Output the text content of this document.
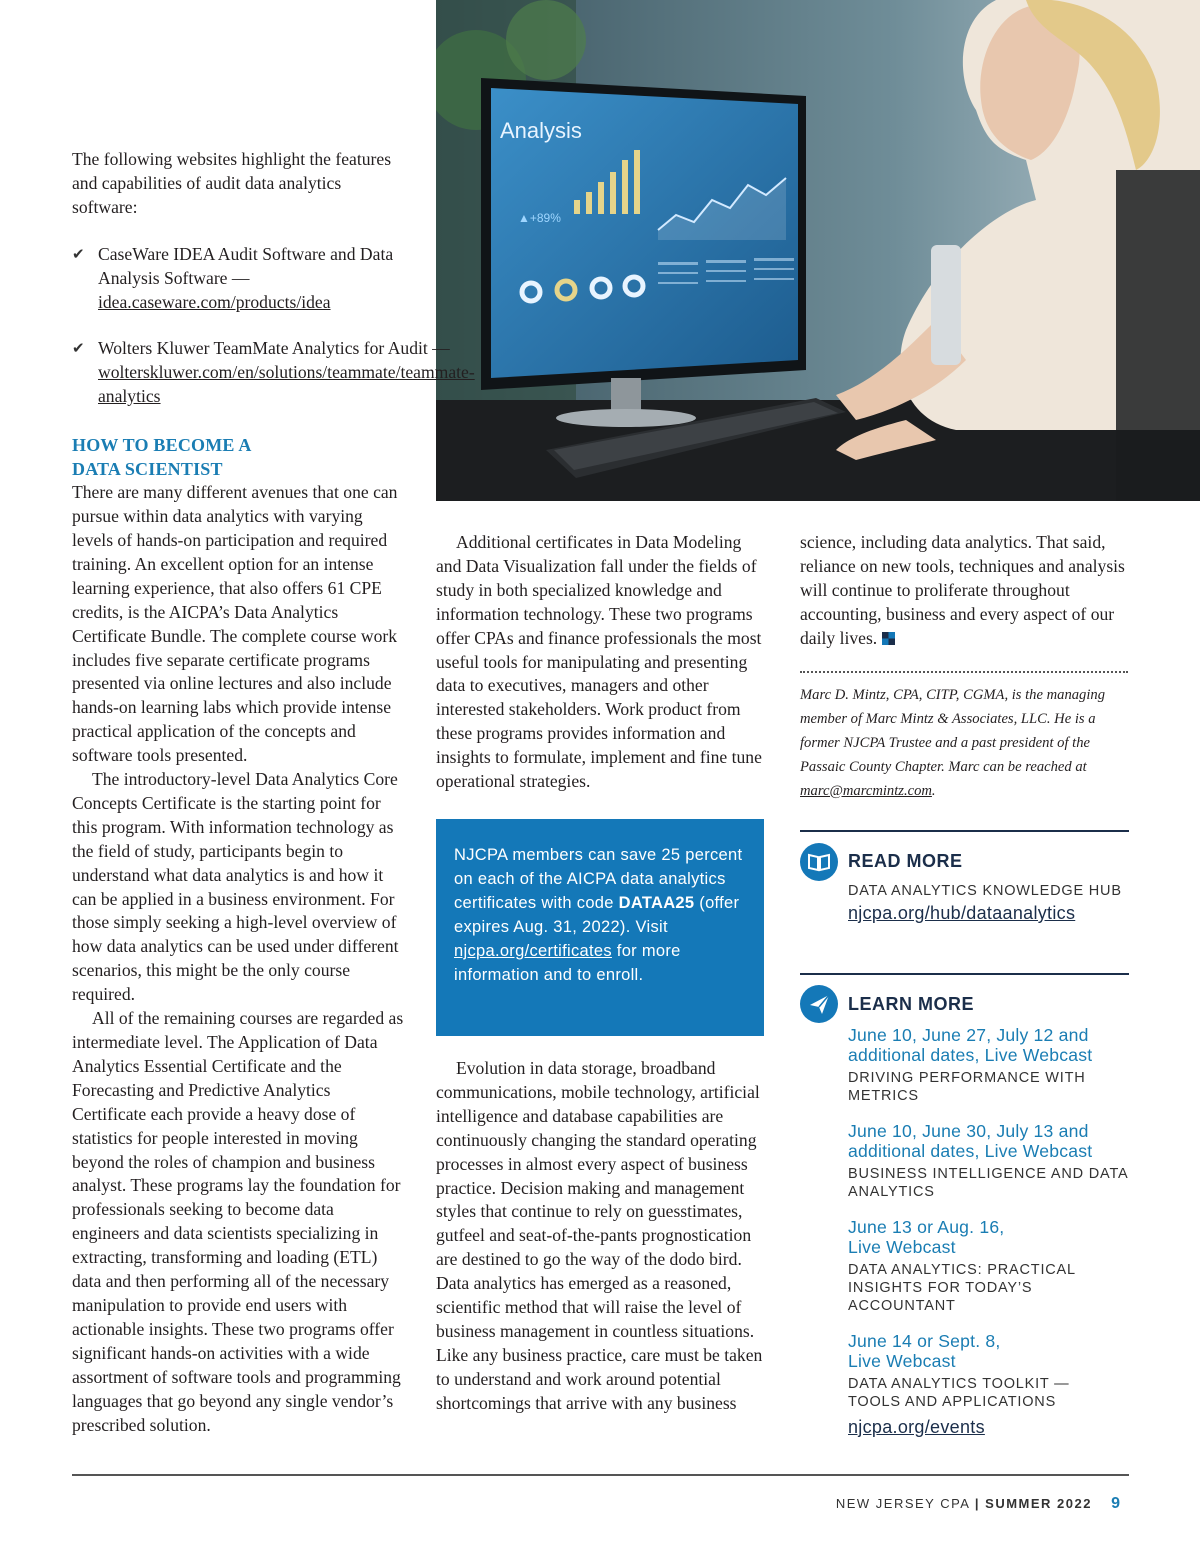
Analysis
▲+89%

The following websites highlight the features and capabilities of audit data analytics software:

✔ CaseWare IDEA Audit Software and Data Analysis Software — idea.caseware.com/products/idea
✔ Wolters Kluwer TeamMate Analytics for Audit — wolterskluwer.com/en/solutions/teammate/teammate-analytics
HOW TO BECOME A DATA SCIENTIST

There are many different avenues that one can pursue within data analytics with varying levels of hands-on participation and required training. An excellent option for an intense learning experience, that also offers 61 CPE credits, is the AICPA’s Data Analytics Certificate Bundle. The complete course work includes five separate certificate programs presented via online lectures and also include hands-on learning labs which provide intense practical application of the concepts and software tools presented.

The introductory-level Data Analytics Core Concepts Certificate is the starting point for this program. With information technology as the field of study, participants begin to understand what data analytics is and how it can be applied in a business environment. For those simply seeking a high-level overview of how data analytics can be used under different scenarios, this might be the only course required.

All of the remaining courses are regarded as intermediate level. The Application of Data Analytics Essential Certificate and the Forecasting and Predictive Analytics Certificate each provide a heavy dose of statistics for people interested in moving beyond the roles of champion and business analyst. These programs lay the foundation for professionals seeking to become data engineers and data scientists specializing in extracting, transforming and loading (ETL) data and then performing all of the necessary manipulation to provide end users with actionable insights. These two programs offer significant hands-on activities with a wide assortment of software tools and programming languages that go beyond any single vendor’s prescribed solution.

Additional certificates in Data Modeling and Data Visualization fall under the fields of study in both specialized knowledge and information technology. These two programs offer CPAs and finance professionals the most useful tools for manipulating and presenting data to executives, managers and other interested stakeholders. Work product from these programs provides information and insights to formulate, implement and fine tune operational strategies.

NJCPA members can save 25 percent on each of the AICPA data analytics certificates with code DATAA25 (offer expires Aug. 31, 2022). Visit njcpa.org/certificates for more information and to enroll.

Evolution in data storage, broadband communications, mobile technology, artificial intelligence and database capabilities are continuously changing the standard operating processes in almost every aspect of business practice. Decision making and management styles that continue to rely on guesstimates, gutfeel and seat-of-the-pants prognostication are destined to go the way of the dodo bird. Data analytics has emerged as a reasoned, scientific method that will raise the level of business management in countless situations. Like any business practice, care must be taken to understand and work around potential shortcomings that arrive with any business

science, including data analytics. That said, reliance on new tools, techniques and analysis will continue to proliferate throughout accounting, business and every aspect of our daily lives.

Marc D. Mintz, CPA, CITP, CGMA, is the managing member of Marc Mintz & Associates, LLC. He is a former NJCPA Trustee and a past president of the Passaic County Chapter. Marc can be reached at marc@marcmintz.com.

READ MORE
DATA ANALYTICS KNOWLEDGE HUB
njcpa.org/hub/dataanalytics
LEARN MORE
June 10, June 27, July 12 and additional dates, Live Webcast
DRIVING PERFORMANCE WITH METRICS
June 10, June 30, July 13 and additional dates, Live Webcast
BUSINESS INTELLIGENCE AND DATA ANALYTICS
June 13 or Aug. 16, Live Webcast
DATA ANALYTICS: PRACTICAL INSIGHTS FOR TODAY’S ACCOUNTANT
June 14 or Sept. 8, Live Webcast
DATA ANALYTICS TOOLKIT — TOOLS AND APPLICATIONS
njcpa.org/events
NEW JERSEY CPA | SUMMER 2022 9
